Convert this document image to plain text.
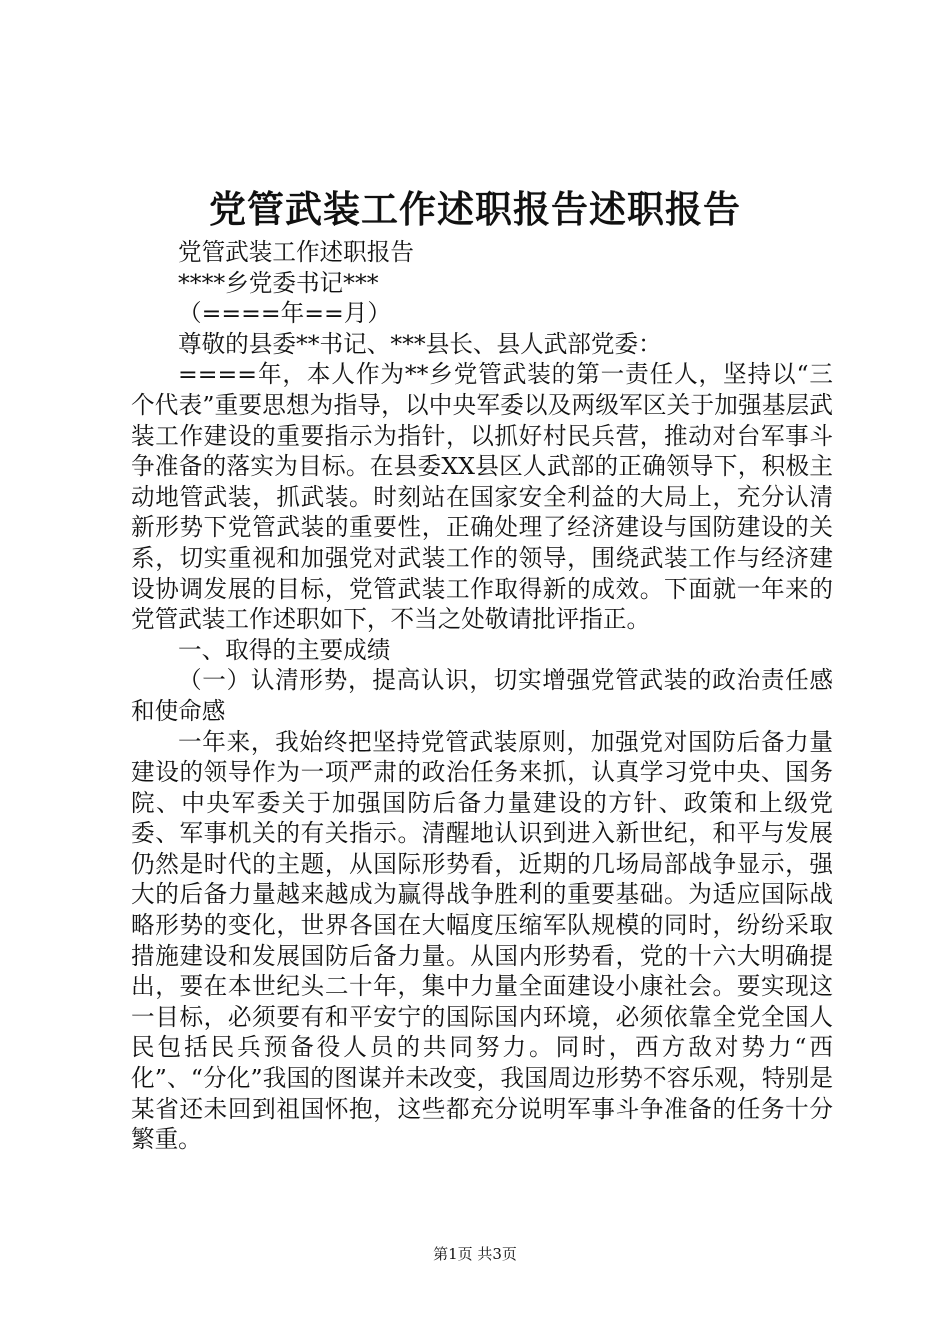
党管武装工作述职报告述职报告

党管武装工作述职报告

****乡党委书记***

（====年==月）

尊敬的县委**书记、***县长、县人武部党委：

====年，本人作为**乡党管武装的第一责任人，坚持以“三个代表”重要思想为指导，以中央军委以及两级军区关于加强基层武装工作建设的重要指示为指针，以抓好村民兵营，推动对台军事斗争准备的落实为目标。在县委XX县区人武部的正确领导下，积极主动地管武装，抓武装。时刻站在国家安全利益的大局上，充分认清新形势下党管武装的重要性，正确处理了经济建设与国防建设的关系，切实重视和加强党对武装工作的领导，围绕武装工作与经济建设协调发展的目标，党管武装工作取得新的成效。下面就一年来的党管武装工作述职如下，不当之处敬请批评指正。

一、取得的主要成绩

（一）认清形势，提高认识，切实增强党管武装的政治责任感和使命感

一年来，我始终把坚持党管武装原则，加强党对国防后备力量建设的领导作为一项严肃的政治任务来抓，认真学习党中央、国务院、中央军委关于加强国防后备力量建设的方针、政策和上级党委、军事机关的有关指示。清醒地认识到进入新世纪，和平与发展仍然是时代的主题，从国际形势看，近期的几场局部战争显示，强大的后备力量越来越成为赢得战争胜利的重要基础。为适应国际战略形势的变化，世界各国在大幅度压缩军队规模的同时，纷纷采取措施建设和发展国防后备力量。从国内形势看，党的十六大明确提出，要在本世纪头二十年，集中力量全面建设小康社会。要实现这一目标，必须要有和平安宁的国际国内环境，必须依靠全党全国人民包括民兵预备役人员的共同努力。同时，西方敌对势力“西化”、“分化”我国的图谋并未改变，我国周边形势不容乐观，特别是某省还未回到祖国怀抱，这些都充分说明军事斗争准备的任务十分繁重。

第1页 共3页
